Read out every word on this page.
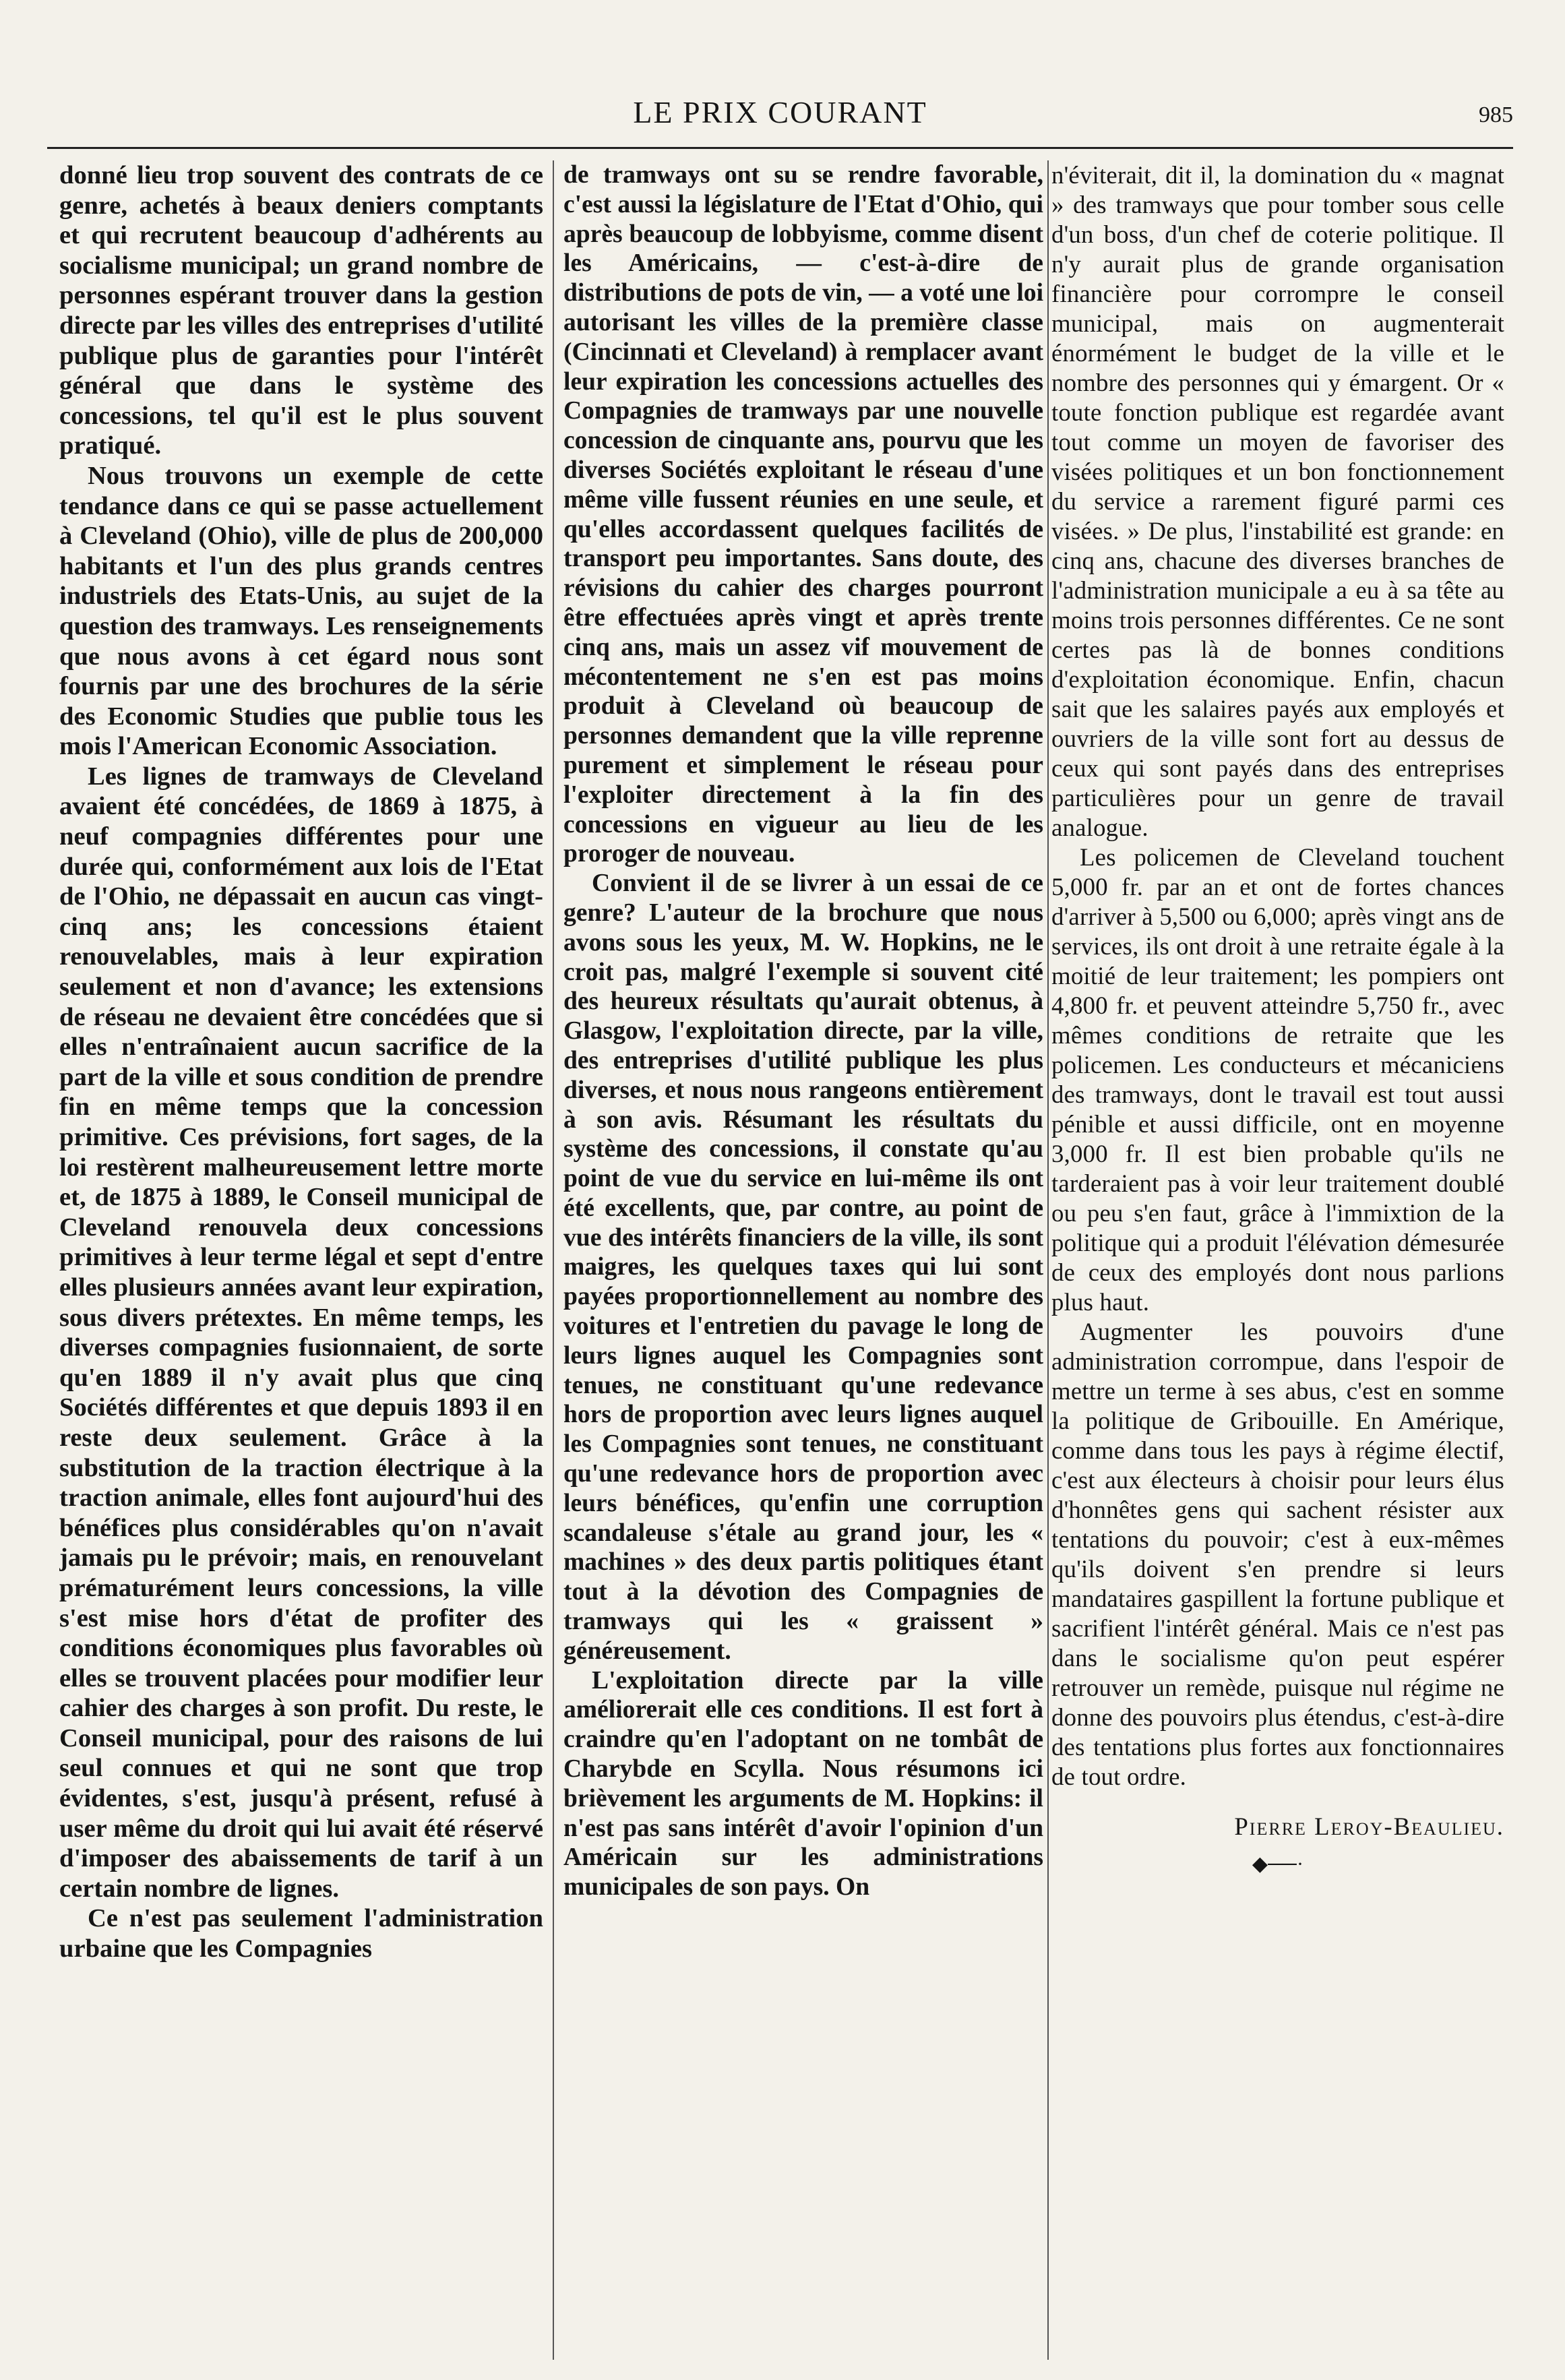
LE PRIX COURANT	985

donné lieu trop souvent des contrats de ce genre, achetés à beaux deniers comptants et qui recrutent beaucoup d'adhérents au socialisme municipal; un grand nombre de personnes espérant trouver dans la gestion directe par les villes des entreprises d'utilité publique plus de garanties pour l'intérêt général que dans le système des concessions, tel qu'il est le plus souvent pratiqué.

Nous trouvons un exemple de cette tendance dans ce qui se passe actuellement à Cleveland (Ohio), ville de plus de 200,000 habitants et l'un des plus grands centres industriels des Etats-Unis, au sujet de la question des tramways. Les renseignements que nous avons à cet égard nous sont fournis par une des brochures de la série des Economic Studies que publie tous les mois l'American Economic Association.

Les lignes de tramways de Cleveland avaient été concédées, de 1869 à 1875, à neuf compagnies différentes pour une durée qui, conformément aux lois de l'Etat de l'Ohio, ne dépassait en aucun cas vingt-cinq ans; les concessions étaient renouvelables, mais à leur expiration seulement et non d'avance; les extensions de réseau ne devaient être concédées que si elles n'entraînaient aucun sacrifice de la part de la ville et sous condition de prendre fin en même temps que la concession primitive. Ces prévisions, fort sages, de la loi restèrent malheureusement lettre morte et, de 1875 à 1889, le Conseil municipal de Cleveland renouvela deux concessions primitives à leur terme légal et sept d'entre elles plusieurs années avant leur expiration, sous divers prétextes. En même temps, les diverses compagnies fusionnaient, de sorte qu'en 1889 il n'y avait plus que cinq Sociétés différentes et que depuis 1893 il en reste deux seulement. Grâce à la substitution de la traction électrique à la traction animale, elles font aujourd'hui des bénéfices plus considérables qu'on n'avait jamais pu le prévoir; mais, en renouvelant prématurément leurs concessions, la ville s'est mise hors d'état de profiter des conditions économiques plus favorables où elles se trouvent placées pour modifier leur cahier des charges à son profit. Du reste, le Conseil municipal, pour des raisons de lui seul connues et qui ne sont que trop évidentes, s'est, jusqu'à présent, refusé à user même du droit qui lui avait été réservé d'imposer des abaissements de tarif à un certain nombre de lignes.

Ce n'est pas seulement l'administration urbaine que les Compagnies

de tramways ont su se rendre favorable, c'est aussi la législature de l'Etat d'Ohio, qui après beaucoup de lobbyisme, comme disent les Américains, — c'est-à-dire de distributions de pots de vin, — a voté une loi autorisant les villes de la première classe (Cincinnati et Cleveland) à remplacer avant leur expiration les concessions actuelles des Compagnies de tramways par une nouvelle concession de cinquante ans, pourvu que les diverses Sociétés exploitant le réseau d'une même ville fussent réunies en une seule, et qu'elles accordassent quelques facilités de transport peu importantes. Sans doute, des révisions du cahier des charges pourront être effectuées après vingt et après trente cinq ans, mais un assez vif mouvement de mécontentement ne s'en est pas moins produit à Cleveland où beaucoup de personnes demandent que la ville reprenne purement et simplement le réseau pour l'exploiter directement à la fin des concessions en vigueur au lieu de les proroger de nouveau.

Convient il de se livrer à un essai de ce genre? L'auteur de la brochure que nous avons sous les yeux, M. W. Hopkins, ne le croit pas, malgré l'exemple si souvent cité des heureux résultats qu'aurait obtenus, à Glasgow, l'exploitation directe, par la ville, des entreprises d'utilité publique les plus diverses, et nous nous rangeons entièrement à son avis. Résumant les résultats du système des concessions, il constate qu'au point de vue du service en lui-même ils ont été excellents, que, par contre, au point de vue des intérêts financiers de la ville, ils sont maigres, les quelques taxes qui lui sont payées proportionnellement au nombre des voitures et l'entretien du pavage le long de leurs lignes auquel les Compagnies sont tenues, ne constituant qu'une redevance hors de proportion avec leurs lignes auquel les Compagnies sont tenues, ne constituant qu'une redevance hors de proportion avec leurs bénéfices, qu'enfin une corruption scandaleuse s'étale au grand jour, les « machines » des deux partis politiques étant tout à la dévotion des Compagnies de tramways qui les « graissent » généreusement.

L'exploitation directe par la ville améliorerait elle ces conditions. Il est fort à craindre qu'en l'adoptant on ne tombât de Charybde en Scylla. Nous résumons ici brièvement les arguments de M. Hopkins: il n'est pas sans intérêt d'avoir l'opinion d'un Américain sur les administrations municipales de son pays. On

n'éviterait, dit il, la domination du « magnat » des tramways que pour tomber sous celle d'un boss, d'un chef de coterie politique. Il n'y aurait plus de grande organisation financière pour corrompre le conseil municipal, mais on augmenterait énormément le budget de la ville et le nombre des personnes qui y émargent. Or « toute fonction publique est regardée avant tout comme un moyen de favoriser des visées politiques et un bon fonctionnement du service a rarement figuré parmi ces visées. » De plus, l'instabilité est grande: en cinq ans, chacune des diverses branches de l'administration municipale a eu à sa tête au moins trois personnes différentes. Ce ne sont certes pas là de bonnes conditions d'exploitation économique. Enfin, chacun sait que les salaires payés aux employés et ouvriers de la ville sont fort au dessus de ceux qui sont payés dans des entreprises particulières pour un genre de travail analogue.

Les policemen de Cleveland touchent 5,000 fr. par an et ont de fortes chances d'arriver à 5,500 ou 6,000; après vingt ans de services, ils ont droit à une retraite égale à la moitié de leur traitement; les pompiers ont 4,800 fr. et peuvent atteindre 5,750 fr., avec mêmes conditions de retraite que les policemen. Les conducteurs et mécaniciens des tramways, dont le travail est tout aussi pénible et aussi difficile, ont en moyenne 3,000 fr. Il est bien probable qu'ils ne tarderaient pas à voir leur traitement doublé ou peu s'en faut, grâce à l'immixtion de la politique qui a produit l'élévation démesurée de ceux des employés dont nous parlions plus haut.

Augmenter les pouvoirs d'une administration corrompue, dans l'espoir de mettre un terme à ses abus, c'est en somme la politique de Gribouille. En Amérique, comme dans tous les pays à régime électif, c'est aux électeurs à choisir pour leurs élus d'honnêtes gens qui sachent résister aux tentations du pouvoir; c'est à eux-mêmes qu'ils doivent s'en prendre si leurs mandataires gaspillent la fortune publique et sacrifient l'intérêt général. Mais ce n'est pas dans le socialisme qu'on peut espérer retrouver un remède, puisque nul régime ne donne des pouvoirs plus étendus, c'est-à-dire des tentations plus fortes aux fonctionnaires de tout ordre.

Pierre Leroy-Beaulieu.
◆──·
